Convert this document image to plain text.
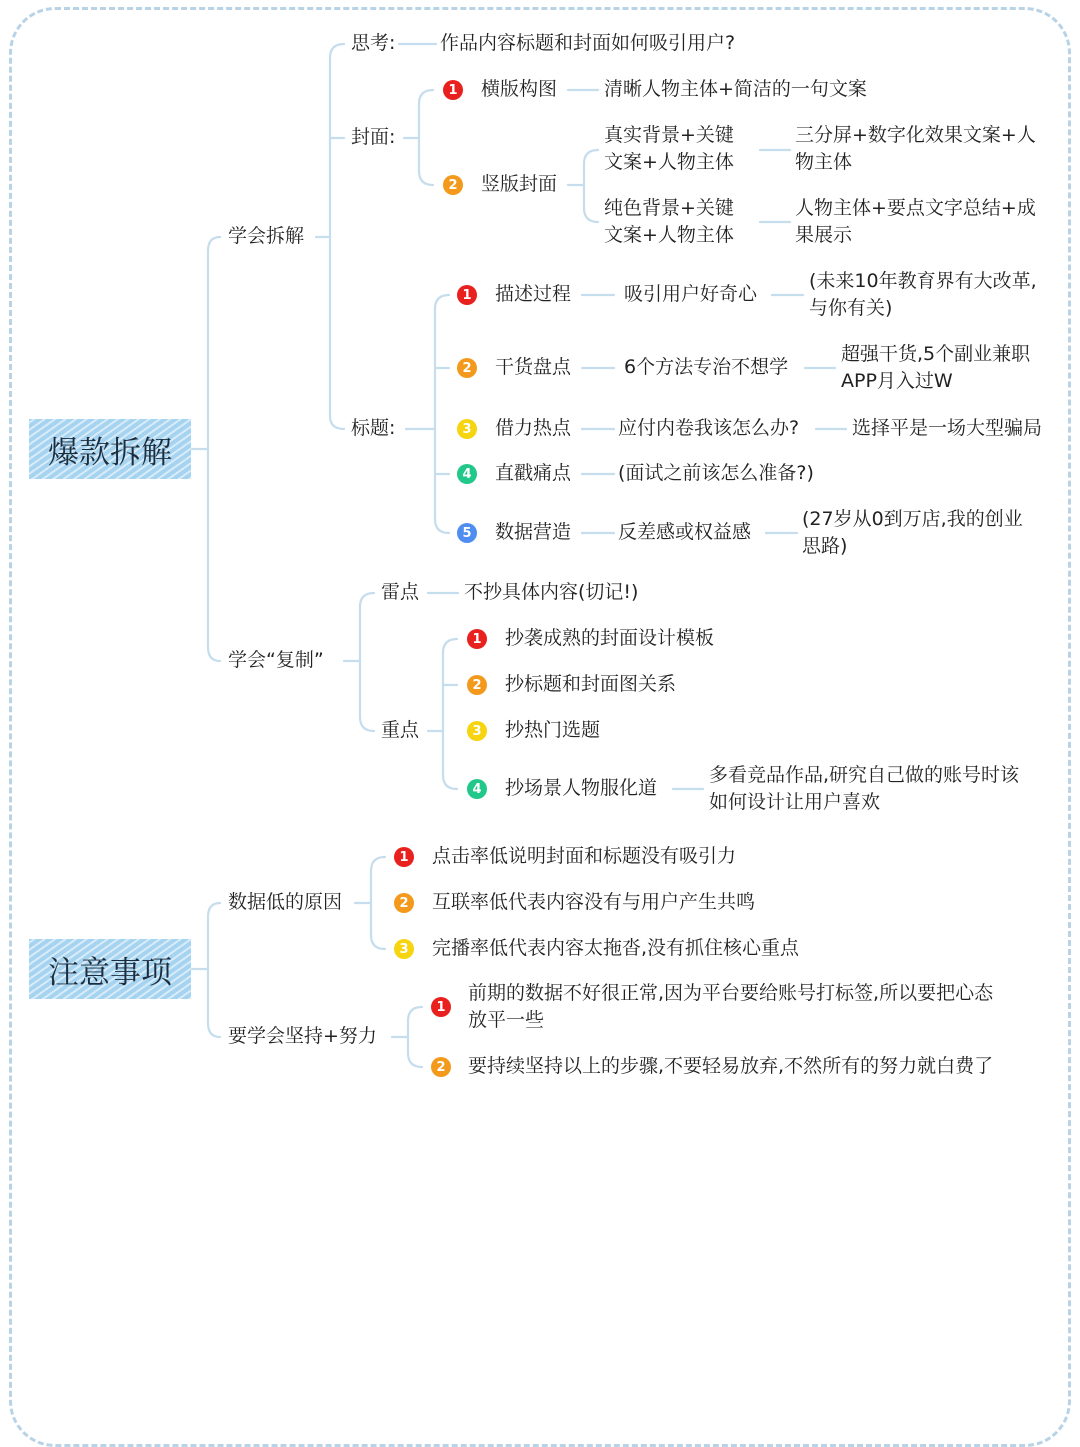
爆款拆解
学会拆解
思考: 作品内容标题和封面如何吸引用户?
封面:
1 横版构图 清晰人物主体+简洁的一句文案
2 竖版封面
真实背景+关键
文案+人物主体
三分屏+数字化效果文案+人
物主体
纯色背景+关键
文案+人物主体
人物主体+要点文字总结+成
果展示
标题:
1 描述过程	吸引用户好奇心
(未来10年教育界有大改革,
与你有关)
2 干货盘点	6个方法专治不想学
超强干货,5个副业兼职
APP月入过W
3 借力热点 应付内卷我该怎么办?	选择平是一场大型骗局
4 直戳痛点 (面试之前该怎么准备?)
5 数据营造 反差感或权益感
(27岁从0到万店,我的创业
思路)
学会“复制”
雷点 不抄具体内容(切记!)
重点
1 抄袭成熟的封面设计模板
2 抄标题和封面图关系
3 抄热门选题
4 抄场景人物服化道
多看竞品作品,研究自己做的账号时该
如何设计让用户喜欢
注意事项
数据低的原因
1 点击率低说明封面和标题没有吸引力
2 互联率低代表内容没有与用户产生共鸣
3 完播率低代表内容太拖沓,没有抓住核心重点
要学会坚持+努力
1
前期的数据不好很正常,因为平台要给账号打标签,所以要把心态
放平一些
2 要持续坚持以上的步骤,不要轻易放弃,不然所有的努力就白费了
